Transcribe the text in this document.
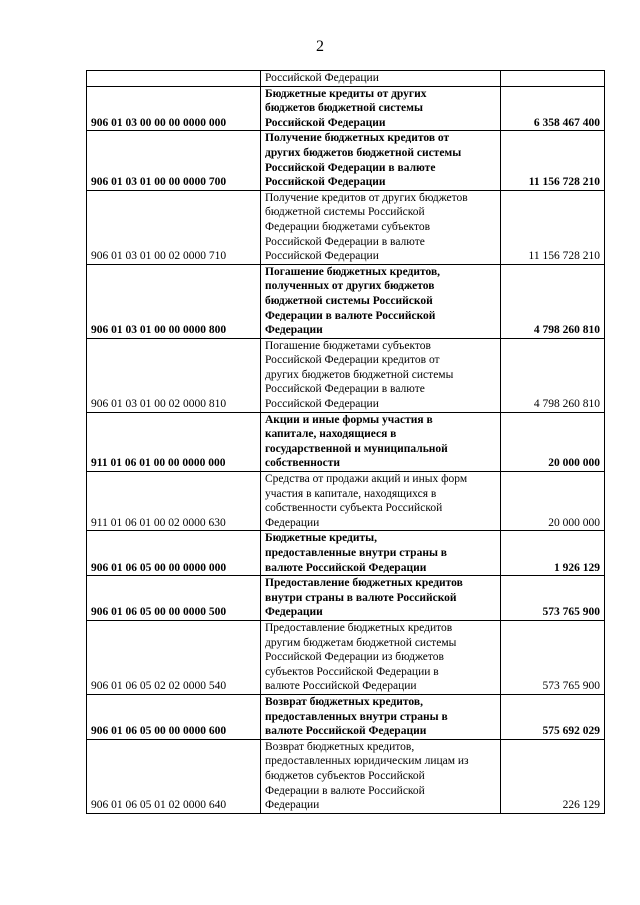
2

	Российской Федерации	

906 01 03 00 00 00 0000 000	Бюджетные кредиты от других
бюджетов бюджетной системы
Российской Федерации	6 358 467 400
906 01 03 01 00 00 0000 700	Получение бюджетных кредитов от
других бюджетов бюджетной системы
Российской Федерации в валюте
Российской Федерации	11 156 728 210
906 01 03 01 00 02 0000 710	Получение кредитов от других бюджетов
бюджетной системы Российской
Федерации бюджетами субъектов
Российской Федерации в валюте
Российской Федерации	11 156 728 210
906 01 03 01 00 00 0000 800	Погашение бюджетных кредитов,
полученных от других бюджетов
бюджетной системы Российской
Федерации в валюте Российской
Федерации	4 798 260 810
906 01 03 01 00 02 0000 810	Погашение бюджетами субъектов
Российской Федерации кредитов от
других бюджетов бюджетной системы
Российской Федерации в валюте
Российской Федерации	4 798 260 810
911 01 06 01 00 00 0000 000	Акции и иные формы участия в
капитале, находящиеся в
государственной и муниципальной
собственности	20 000 000
911 01 06 01 00 02 0000 630	Средства от продажи акций и иных форм
участия в капитале, находящихся в
собственности субъекта Российской
Федерации	20 000 000
906 01 06 05 00 00 0000 000	Бюджетные кредиты,
предоставленные внутри страны в
валюте Российской Федерации	1 926 129
906 01 06 05 00 00 0000 500	Предоставление бюджетных кредитов
внутри страны в валюте Российской
Федерации	573 765 900
906 01 06 05 02 02 0000 540	Предоставление бюджетных кредитов
другим бюджетам бюджетной системы
Российской Федерации из бюджетов
субъектов Российской Федерации в
валюте Российской Федерации	573 765 900
906 01 06 05 00 00 0000 600	Возврат бюджетных кредитов,
предоставленных внутри страны в
валюте Российской Федерации	575 692 029
906 01 06 05 01 02 0000 640	Возврат бюджетных кредитов,
предоставленных юридическим лицам из
бюджетов субъектов Российской
Федерации в валюте Российской
Федерации	226 129
